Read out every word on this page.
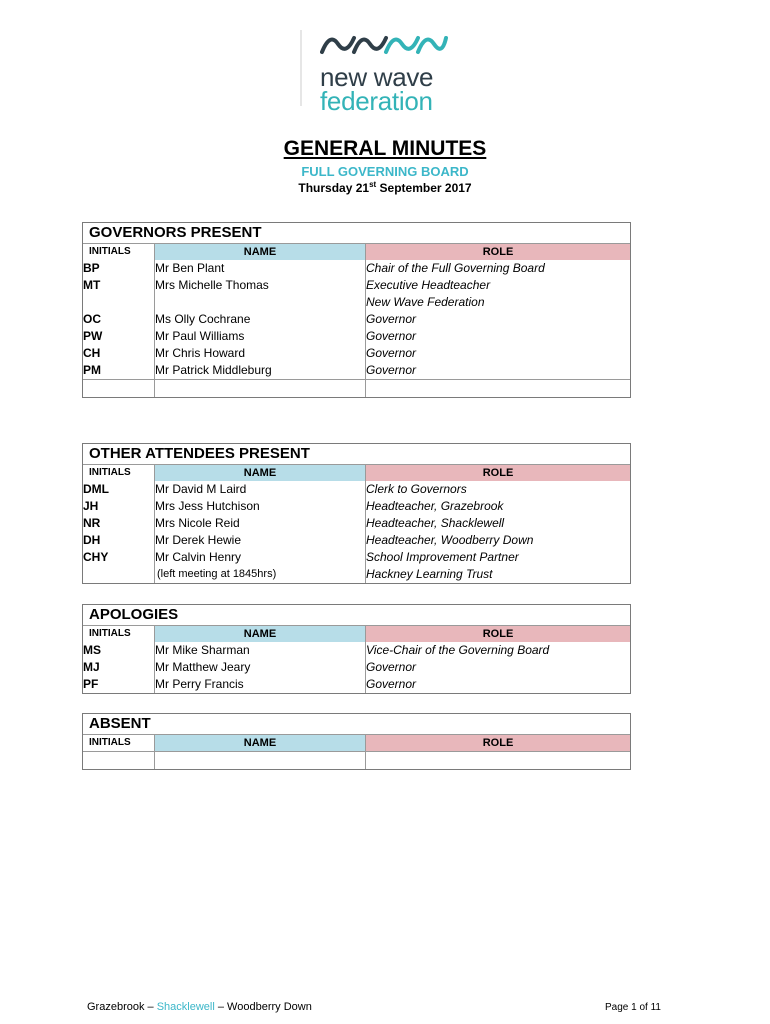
new wave
federation
GENERAL MINUTES
FULL GOVERNING BOARD
Thursday 21st September 2017
GOVERNORS PRESENT
INITIALS	NAME	ROLE
BP	Mr Ben Plant	Chair of the Full Governing Board
MT	Mrs Michelle Thomas	Executive Headteacher
		New Wave Federation
OC	Ms Olly Cochrane	Governor
PW	Mr Paul Williams	Governor
CH	Mr Chris Howard	Governor
PM	Mr Patrick Middleburg	Governor

OTHER ATTENDEES PRESENT
INITIALS	NAME	ROLE
DML	Mr David M Laird	Clerk to Governors
JH	Mrs Jess Hutchison	Headteacher, Grazebrook
NR	Mrs Nicole Reid	Headteacher, Shacklewell
DH	Mr Derek Hewie	Headteacher, Woodberry Down
CHY	Mr Calvin Henry	School Improvement Partner

	(left meeting at 1845hrs)	Hackney Learning Trust
APOLOGIES
INITIALS	NAME	ROLE
MS	Mr Mike Sharman	Vice-Chair of the Governing Board
MJ	Mr Matthew Jeary	Governor
PF	Mr Perry Francis	Governor
ABSENT
INITIALS	NAME	ROLE

Grazebrook – Shacklewell – Woodberry Down	Page 1 of 11
